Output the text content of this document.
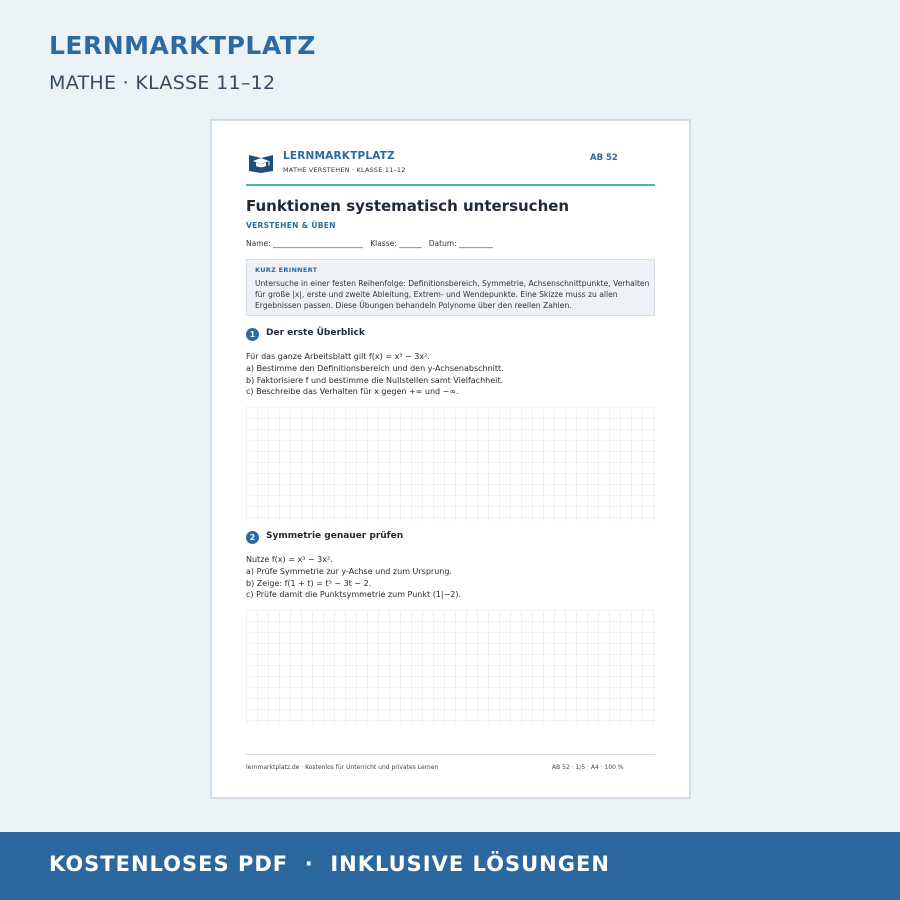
LERNMARKTPLATZ
MATHE · KLASSE 11–12
LERNMARKTPLATZ
MATHE VERSTEHEN · KLASSE 11–12
AB 52
Funktionen systematisch untersuchen
VERSTEHEN & ÜBEN
Name: ________________________   Klasse: ______   Datum: _________
KURZ ERINNERT
Untersuche in einer festen Reihenfolge: Definitionsbereich, Symmetrie, Achsenschnittpunkte, Verhalten für große |x|, erste und zweite Ableitung, Extrem- und Wendepunkte. Eine Skizze muss zu allen Ergebnissen passen. Diese Übungen behandeln Polynome über den reellen Zahlen.
1	Der erste Überblick
Für das ganze Arbeitsblatt gilt f(x) = x³ − 3x².
a) Bestimme den Definitionsbereich und den y-Achsenabschnitt.
b) Faktorisiere f und bestimme die Nullstellen samt Vielfachheit.
c) Beschreibe das Verhalten für x gegen +∞ und −∞.
2	Symmetrie genauer prüfen
Nutze f(x) = x³ − 3x².
a) Prüfe Symmetrie zur y-Achse und zum Ursprung.
b) Zeige: f(1 + t) = t³ − 3t − 2.
c) Prüfe damit die Punktsymmetrie zum Punkt (1|−2).
lernmarktplatz.de · Kostenlos für Unterricht und privates Lernen	AB 52 · 1/5 · A4 · 100 %
KOSTENLOSES PDF  ·  INKLUSIVE LÖSUNGEN
